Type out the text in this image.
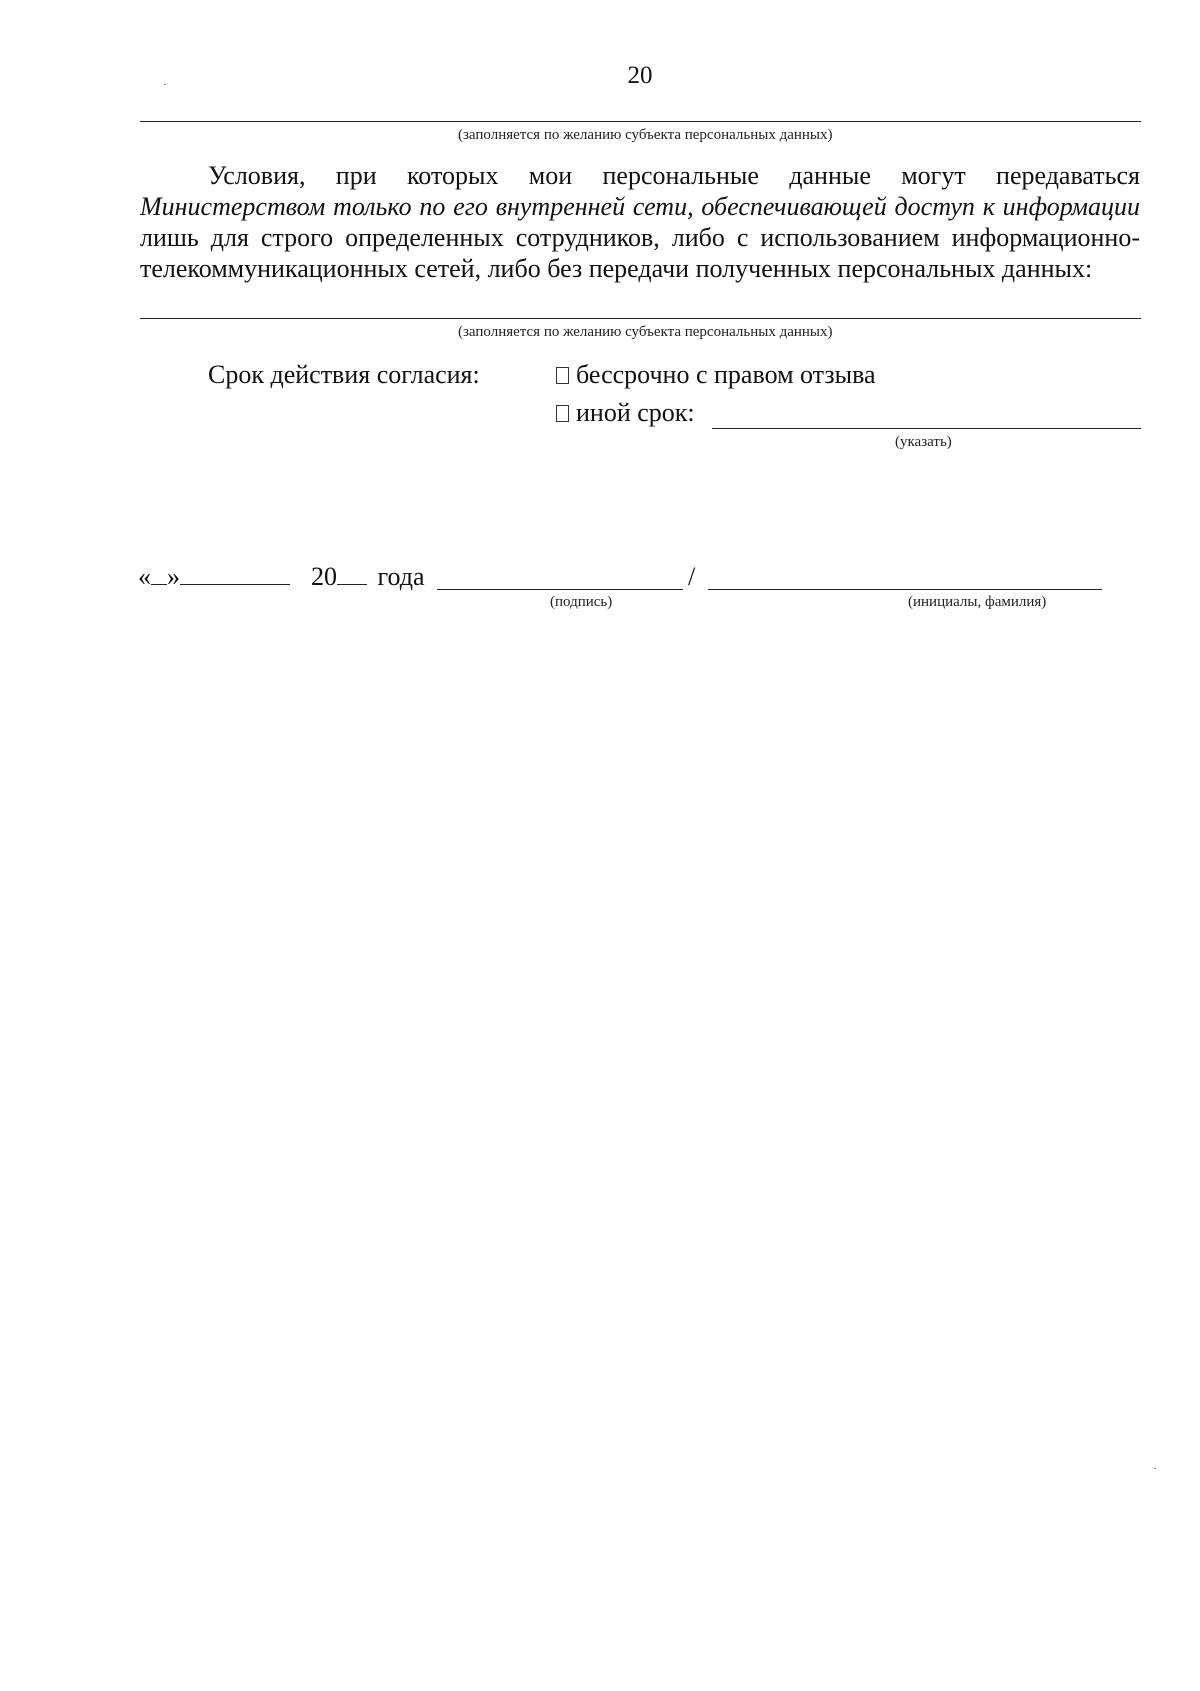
20
(заполняется по желанию субъекта персональных данных)
Условия, при которых мои персональные данные могут передаваться
Министерством только по его внутренней сети, обеспечивающей доступ к информации
лишь для строго определенных сотрудников, либо с использованием информационно-
телекоммуникационных сетей, либо без передачи полученных персональных данных:
(заполняется по желанию субъекта персональных данных)
Срок действия согласия:	бессрочно с правом отзыва
иной срок:
(указать)
« »	20 года	/
(подпись)	(инициалы, фамилия)
